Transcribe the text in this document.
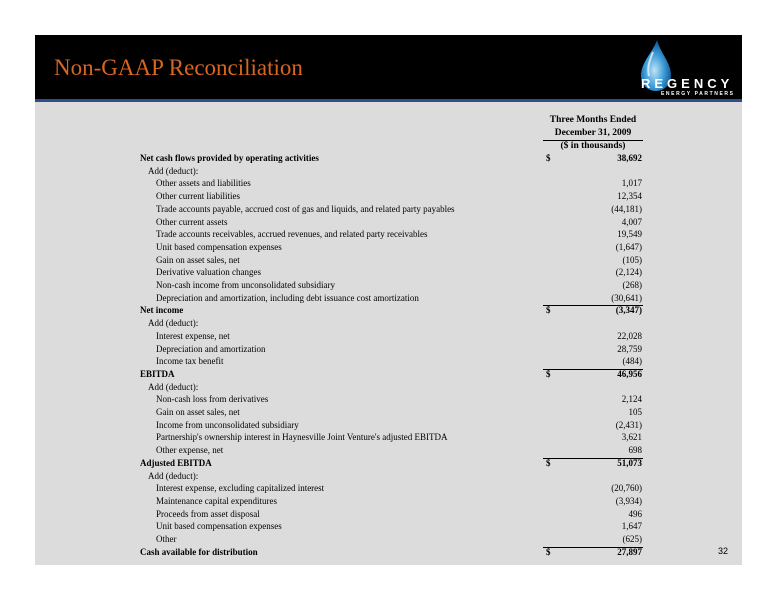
Non-GAAP Reconciliation
REGENCY
ENERGY PARTNERS
Three Months Ended
December 31, 2009
($ in thousands)
Net cash flows provided by operating activities	$	38,692
Add (deduct):
Other assets and liabilities	1,017
Other current liabilities	12,354
Trade accounts payable, accrued cost of gas and liquids, and related party payables	(44,181)
Other current assets	4,007
Trade accounts receivables, accrued revenues, and related party receivables	19,549
Unit based compensation expenses	(1,647)
Gain on asset sales, net	(105)
Derivative valuation changes	(2,124)
Non-cash income from unconsolidated subsidiary	(268)
Depreciation and amortization, including debt issuance cost amortization	(30,641)
Net income	$	(3,347)
Add (deduct):
Interest expense, net	22,028
Depreciation and amortization	28,759
Income tax benefit	(484)
EBITDA	$	46,956
Add (deduct):
Non-cash loss from derivatives	2,124
Gain on asset sales, net	105
Income from unconsolidated subsidiary	(2,431)
Partnership's ownership interest in Haynesville Joint Venture's adjusted EBITDA	3,621
Other expense, net	698
Adjusted EBITDA	$	51,073
Add (deduct):
Interest expense, excluding capitalized interest	(20,760)
Maintenance capital expenditures	(3,934)
Proceeds from asset disposal	496
Unit based compensation expenses	1,647
Other	(625)
Cash available for distribution	$	27,897	32
